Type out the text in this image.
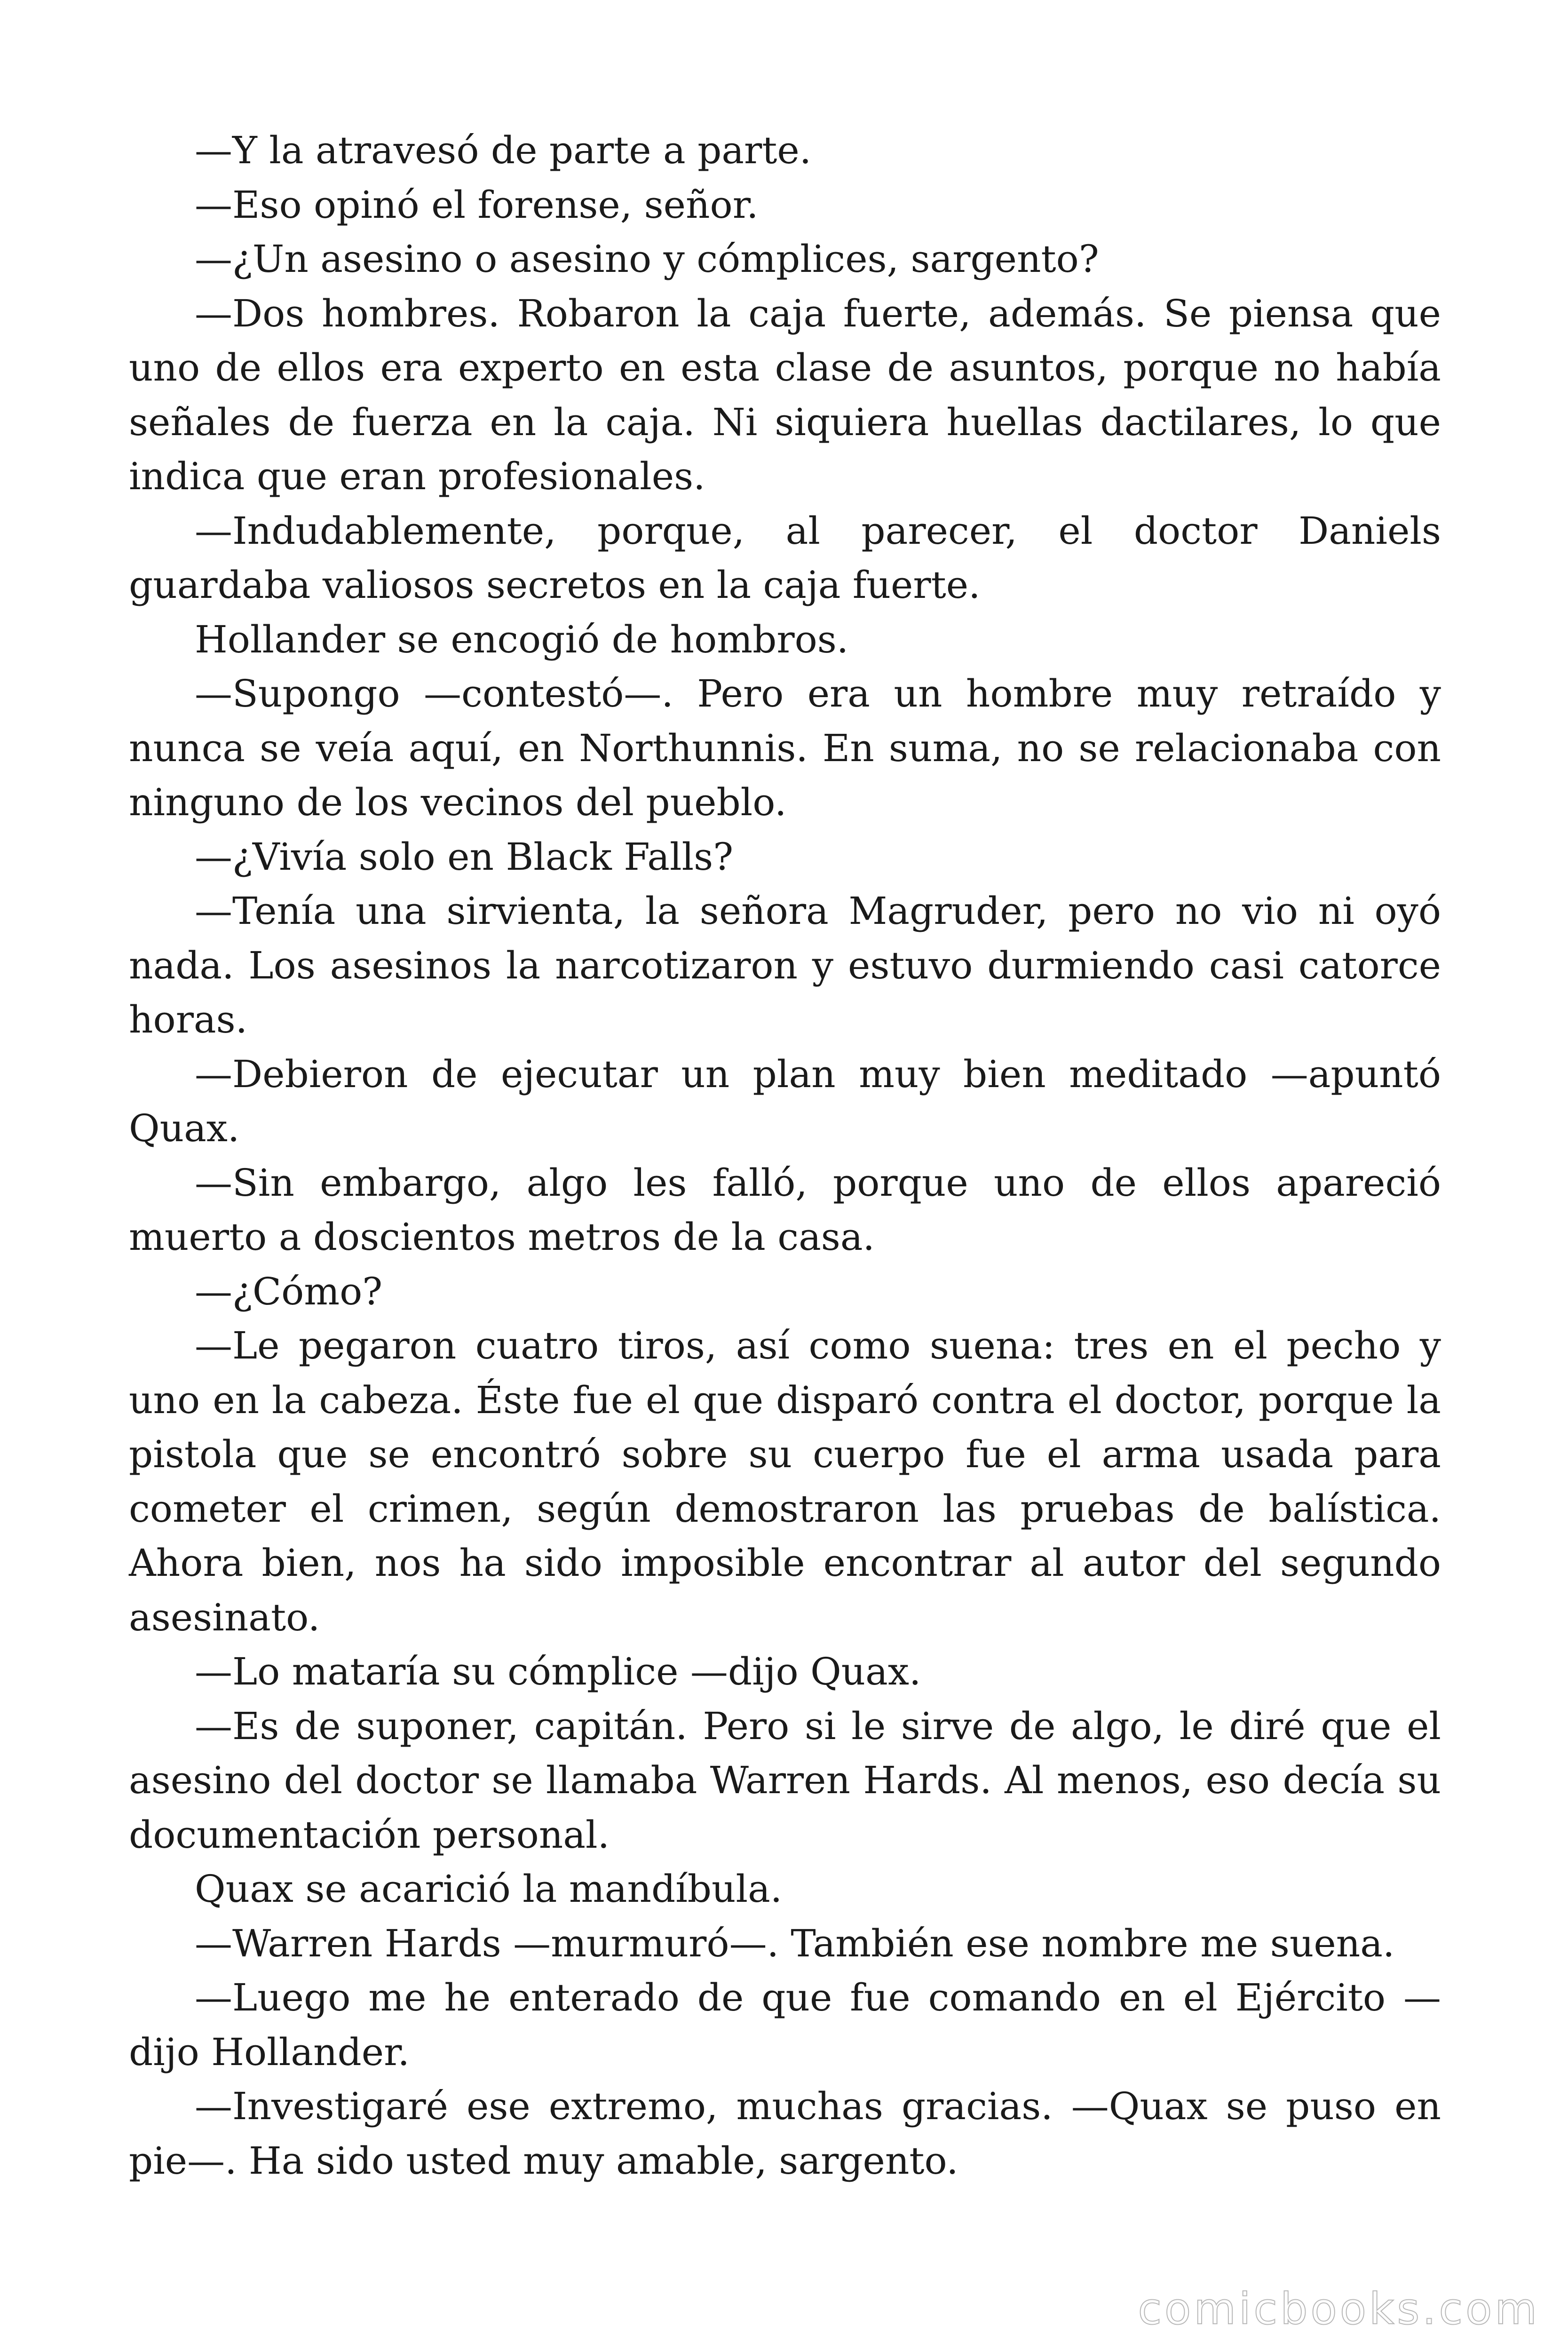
—Y la atravesó de parte a parte.

—Eso opinó el forense, señor.

—¿Un asesino o asesino y cómplices, sargento?

—Dos hombres. Robaron la caja fuerte, además. Se piensa que uno de ellos era experto en esta clase de asuntos, porque no había señales de fuerza en la caja. Ni siquiera huellas dactilares, lo que indica que eran profesionales.

—Indudablemente, porque, al parecer, el doctor Daniels guardaba valiosos secretos en la caja fuerte.

Hollander se encogió de hombros.

—Supongo —contestó—. Pero era un hombre muy retraído y nunca se veía aquí, en Northunnis. En suma, no se relacionaba con ninguno de los vecinos del pueblo.

—¿Vivía solo en Black Falls?

—Tenía una sirvienta, la señora Magruder, pero no vio ni oyó nada. Los asesinos la narcotizaron y estuvo durmiendo casi catorce horas.

—Debieron de ejecutar un plan muy bien meditado —apuntó Quax.

—Sin embargo, algo les falló, porque uno de ellos apareció muerto a doscientos metros de la casa.

—¿Cómo?

—Le pegaron cuatro tiros, así como suena: tres en el pecho y uno en la cabeza. Éste fue el que disparó contra el doctor, porque la pistola que se encontró sobre su cuerpo fue el arma usada para cometer el crimen, según demostraron las pruebas de balística. Ahora bien, nos ha sido imposible encontrar al autor del segundo asesinato.

—Lo mataría su cómplice —dijo Quax.

—Es de suponer, capitán. Pero si le sirve de algo, le diré que el asesino del doctor se llamaba Warren Hards. Al menos, eso decía su documentación personal.

Quax se acarició la mandíbula.

—Warren Hards —murmuró—. También ese nombre me suena.

—Luego me he enterado de que fue comando en el Ejército — dijo Hollander.

—Investigaré ese extremo, muchas gracias. —Quax se puso en pie—. Ha sido usted muy amable, sargento.

comicbooks.com
